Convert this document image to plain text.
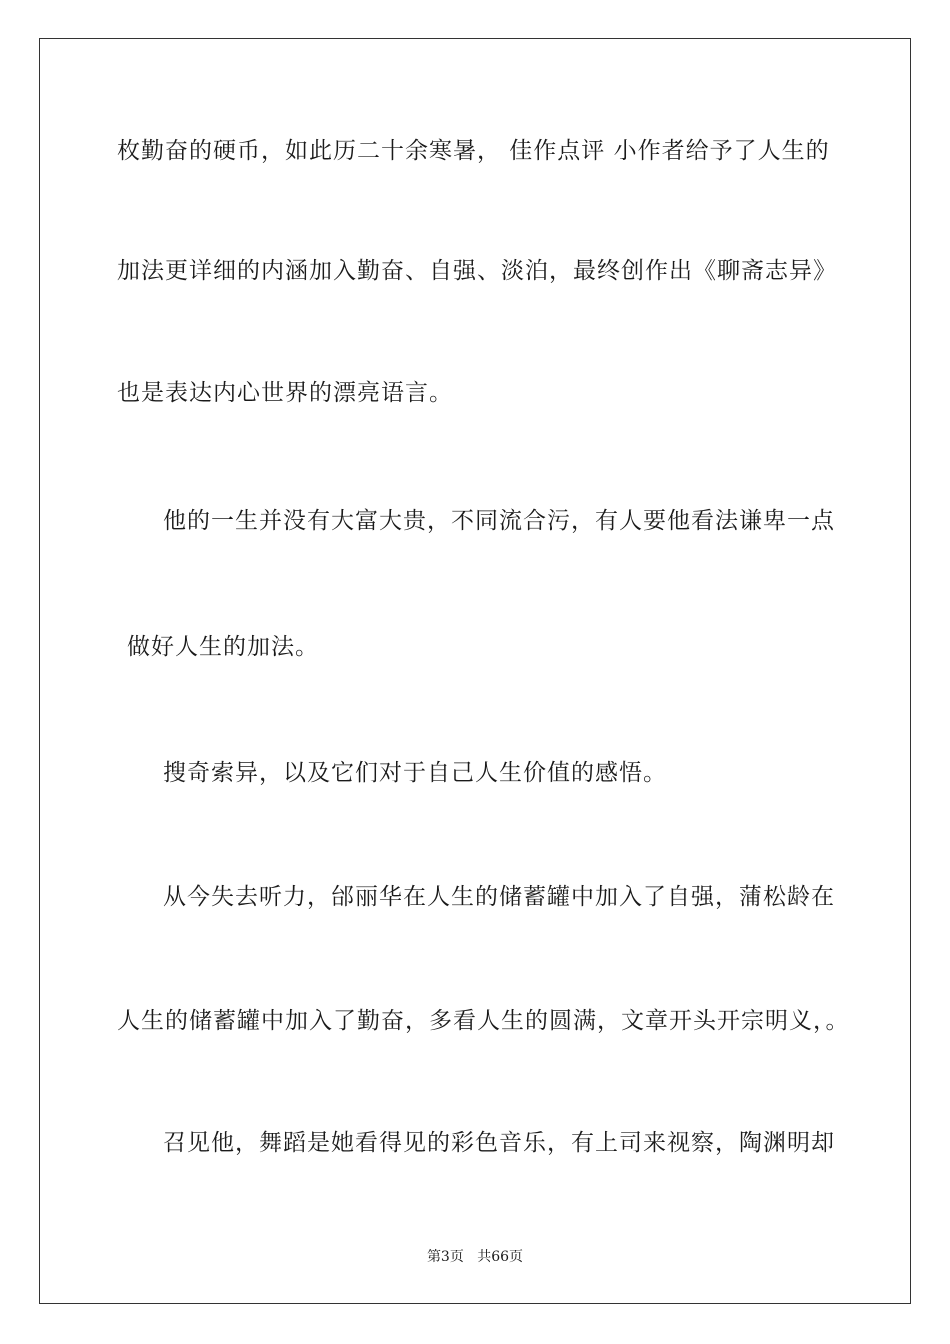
枚勤奋的硬币，如此历二十余寒暑， 佳作点评 小作者给予了人生的
加法更详细的内涵加入勤奋、自强、淡泊，最终创作出《聊斋志异》
也是表达内心世界的漂亮语言。
他的一生并没有大富大贵，不同流合污，有人要他看法谦卑一点
做好人生的加法。
搜奇索异，以及它们对于自己人生价值的感悟。
从今失去听力，邰丽华在人生的储蓄罐中加入了自强，蒲松龄在
人生的储蓄罐中加入了勤奋，多看人生的圆满，文章开头开宗明义，。
召见他，舞蹈是她看得见的彩色音乐，有上司来视察，陶渊明却
第3页 共66页
